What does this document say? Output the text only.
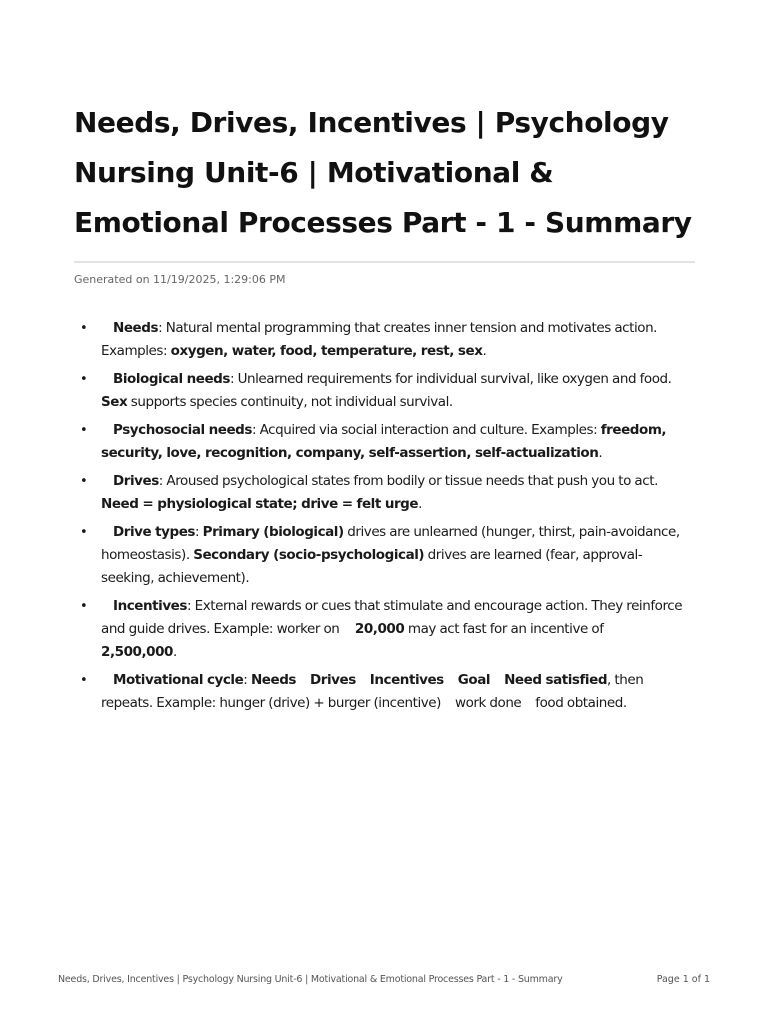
Needs, Drives, Incentives | Psychology Nursing Unit-6 | Motivational & Emotional Processes Part - 1 - Summary
Generated on 11/19/2025, 1:29:06 PM
• Needs: Natural mental programming that creates inner tension and motivates action. Examples: oxygen, water, food, temperature, rest, sex.
• Biological needs: Unlearned requirements for individual survival, like oxygen and food. Sex supports species continuity, not individual survival.
• Psychosocial needs: Acquired via social interaction and culture. Examples: freedom, security, love, recognition, company, self-assertion, self-actualization.
• Drives: Aroused psychological states from bodily or tissue needs that push you to act. Need = physiological state; drive = felt urge.
• Drive types: Primary (biological) drives are unlearned (hunger, thirst, pain-avoidance, homeostasis). Secondary (socio-psychological) drives are learned (fear, approval-seeking, achievement).
• Incentives: External rewards or cues that stimulate and encourage action. They reinforce and guide drives. Example: worker on 20,000 may act fast for an incentive of 2,500,000.
• Motivational cycle: Needs Drives Incentives Goal Need satisfied, then repeats. Example: hunger (drive) + burger (incentive) work done food obtained.
Needs, Drives, Incentives | Psychology Nursing Unit-6 | Motivational & Emotional Processes Part - 1 - Summary	Page 1 of 1
